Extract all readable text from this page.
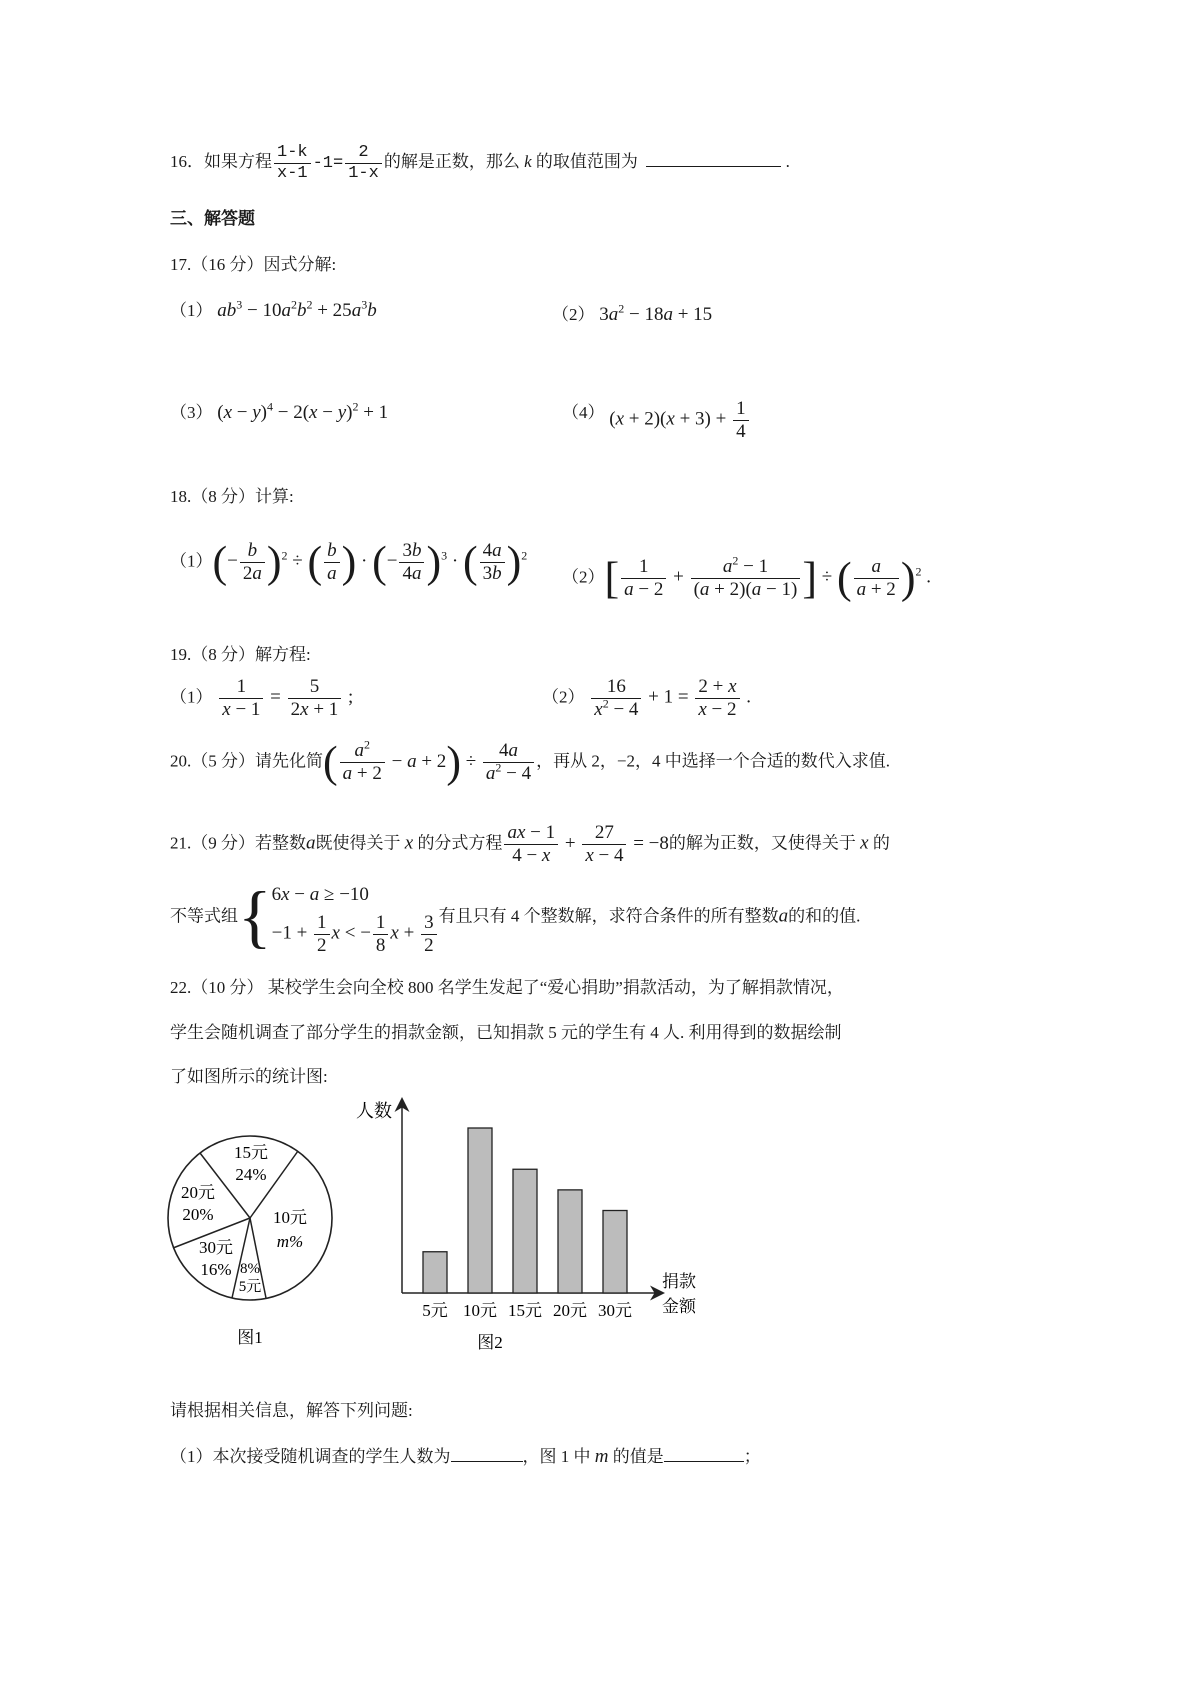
16．如果方程 $\frac{1-k}{x-1} -1= \frac{2}{1-x}$ 的解是正数，那么 k 的取值范围为	.
三、解答题
17.（16 分）因式分解:
（1） $ab^3 - 10a^2b^2 + 25a^3b$	（2） $3a^2 - 18a + 15$
（3） $(x - y)^4 - 2(x - y)^2 + 1$	（4） $(x + 2)(x + 3) + \frac{1}{4}$
18.（8 分）计算:
$(1)(- \frac{b}{2a} )^2$ ÷ ( $\frac{b}{a}$ ) · (− $\frac{3b}{4a} )^3$ · ( $\frac{4a}{3b} )^2$
$(2)[ \frac{1}{a - 2} + \frac{a^2 - 1}{(a + 2)(a - 1)}$ ] ÷ ( $\frac{a}{a + 2} )^2$ .
19.（8 分）解方程:
$(1) \frac{1}{x - 1} = \frac{5}{2x + 1}$ ;	$(2) \frac{16}{x^2 - 4} + 1 = \frac{2 + x}{x - 2}$ .
20.（5 分）请先化简( $\frac{a^2}{a + 2} - a + 2) \div \frac{4a}{a^2 - 4}$ ，再从 2，−2，4 中选择一个合适的数代入求值.
21.（9 分）若整数a既使得关于 x 的分式方程 $\frac{ax - 1}{4 - x} + \frac{27}{x - 4} = -8$的解为正数，又使得关于 x 的
不等式组{ 6x − a ≥ −10
$-1 + \frac{1}{2}$ x < − $\frac{1}{8}$ $x + \frac{3}{2}$ 有且只有 4 个整数解，求符合条件的所有整数a的和的值.
22.（10 分） 某校学生会向全校 800 名学生发起了“爱心捐助”捐款活动，为了解捐款情况，
学生会随机调查了部分学生的捐款金额，已知捐款 5 元的学生有 4 人. 利用得到的数据绘制
了如图所示的统计图:
15元
24%
20元
20%	10元
m%
30元
16% 8%
5元
图1
人数
捐款
金额
5元 10元 15元 20元 30元
图2
请根据相关信息，解答下列问题:
（1）本次接受随机调查的学生人数为	，图 1 中 m 的值是	；
